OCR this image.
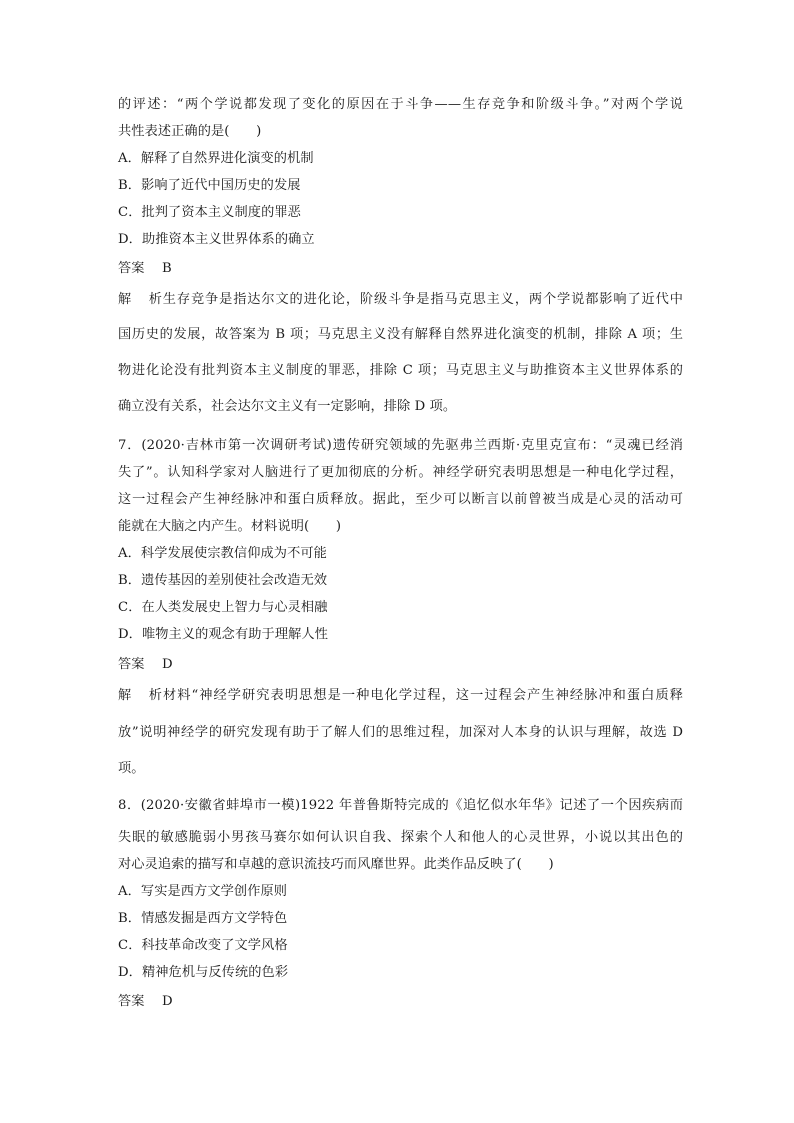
的评述：“两个学说都发现了变化的原因在于斗争——生存竞争和阶级斗争。”对两个学说
共性表述正确的是(　　)
A．解释了自然界进化演变的机制
B．影响了近代中国历史的发展
C．批判了资本主义制度的罪恶
D．助推资本主义世界体系的确立
答案 B
解析生存竞争是指达尔文的进化论，阶级斗争是指马克思主义，两个学说都影响了近代中
国历史的发展，故答案为 B 项；马克思主义没有解释自然界进化演变的机制，排除 A 项；生
物进化论没有批判资本主义制度的罪恶，排除 C 项；马克思主义与助推资本主义世界体系的
确立没有关系，社会达尔文主义有一定影响，排除 D 项。
7．(2020·吉林市第一次调研考试)遗传研究领域的先驱弗兰西斯·克里克宣布：“灵魂已经消
失了”。认知科学家对人脑进行了更加彻底的分析。神经学研究表明思想是一种电化学过程，
这一过程会产生神经脉冲和蛋白质释放。据此，至少可以断言以前曾被当成是心灵的活动可
能就在大脑之内产生。材料说明(　　)
A．科学发展使宗教信仰成为不可能
B．遗传基因的差别使社会改造无效
C．在人类发展史上智力与心灵相融
D．唯物主义的观念有助于理解人性
答案 D
解析材料“神经学研究表明思想是一种电化学过程，这一过程会产生神经脉冲和蛋白质释
放”说明神经学的研究发现有助于了解人们的思维过程，加深对人本身的认识与理解，故选 D
项。
8．(2020·安徽省蚌埠市一模)1922 年普鲁斯特完成的《追忆似水年华》记述了一个因疾病而
失眠的敏感脆弱小男孩马赛尔如何认识自我、探索个人和他人的心灵世界，小说以其出色的
对心灵追索的描写和卓越的意识流技巧而风靡世界。此类作品反映了(　　)
A．写实是西方文学创作原则
B．情感发掘是西方文学特色
C．科技革命改变了文学风格
D．精神危机与反传统的色彩
答案 D
